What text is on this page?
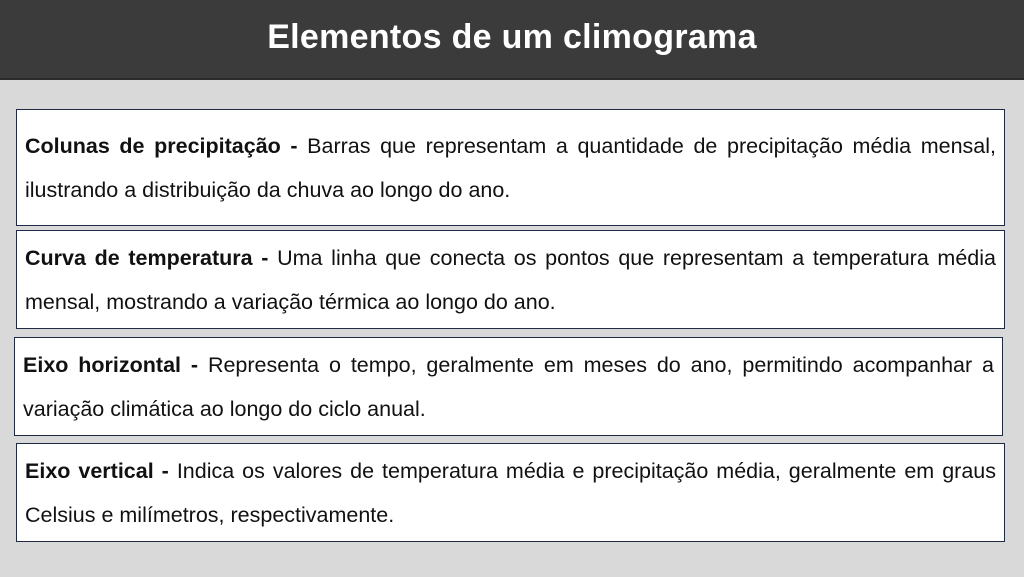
Elementos de um climograma

Colunas de precipitação - Barras que representam a quantidade de precipitação média mensal, ilustrando a distribuição da chuva ao longo do ano.

Curva de temperatura - Uma linha que conecta os pontos que representam a temperatura média mensal, mostrando a variação térmica ao longo do ano.

Eixo horizontal - Representa o tempo, geralmente em meses do ano, permitindo acompanhar a variação climática ao longo do ciclo anual.

Eixo vertical - Indica os valores de temperatura média e precipitação média, geralmente em graus Celsius e milímetros, respectivamente.
